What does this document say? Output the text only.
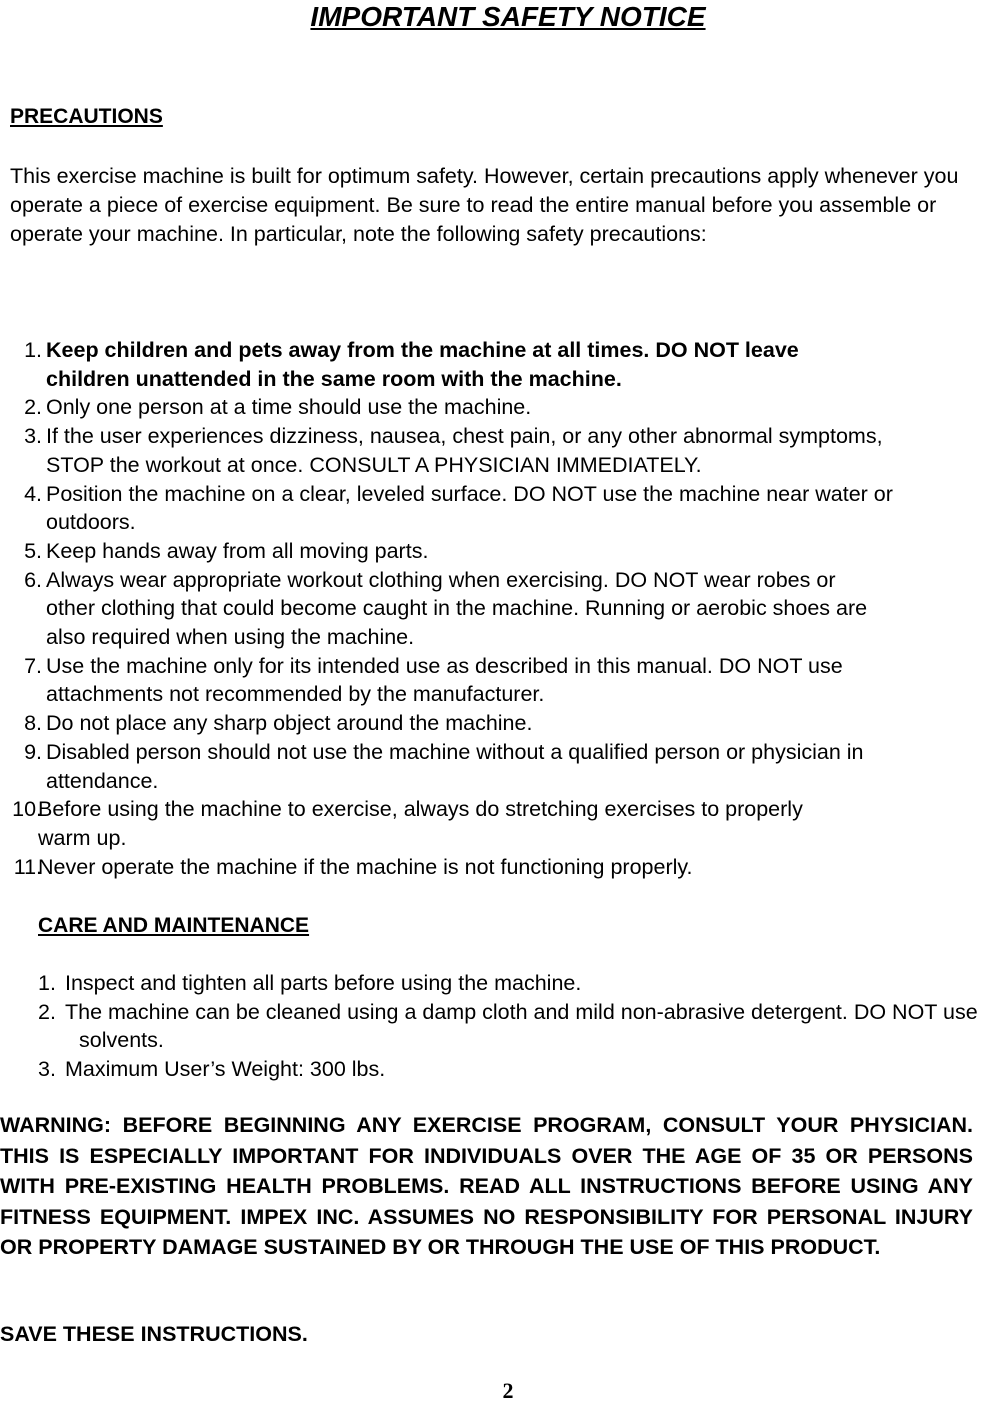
IMPORTANT SAFETY NOTICE
PRECAUTIONS
This exercise machine is built for optimum safety. However, certain precautions apply whenever you operate a piece of exercise equipment. Be sure to read the entire manual before you assemble or operate your machine. In particular, note the following safety precautions:
1. Keep children and pets away from the machine at all times. DO NOT leave children unattended in the same room with the machine.
2. Only one person at a time should use the machine.
3. If the user experiences dizziness, nausea, chest pain, or any other abnormal symptoms, STOP the workout at once. CONSULT A PHYSICIAN IMMEDIATELY.
4. Position the machine on a clear, leveled surface. DO NOT use the machine near water or outdoors.
5. Keep hands away from all moving parts.
6. Always wear appropriate workout clothing when exercising. DO NOT wear robes or other clothing that could become caught in the machine. Running or aerobic shoes are also required when using the machine.
7. Use the machine only for its intended use as described in this manual. DO NOT use attachments not recommended by the manufacturer.
8. Do not place any sharp object around the machine.
9. Disabled person should not use the machine without a qualified person or physician in attendance.
10.
Before using the machine to exercise, always do stretching exercises to properly warm up.
11.
Never operate the machine if the machine is not functioning properly.
CARE AND MAINTENANCE
1. Inspect and tighten all parts before using the machine.
2. The machine can be cleaned using a damp cloth and mild non-abrasive detergent. DO NOT use solvents.
3. Maximum User’s Weight: 300 lbs.
WARNING: BEFORE BEGINNING ANY EXERCISE PROGRAM, CONSULT YOUR PHYSICIAN. THIS IS ESPECIALLY IMPORTANT FOR INDIVIDUALS OVER THE AGE OF 35 OR PERSONS WITH PRE-EXISTING HEALTH PROBLEMS. READ ALL INSTRUCTIONS BEFORE USING ANY FITNESS EQUIPMENT. IMPEX INC. ASSUMES NO RESPONSIBILITY FOR PERSONAL INJURY OR PROPERTY DAMAGE SUSTAINED BY OR THROUGH THE USE OF THIS PRODUCT.
SAVE THESE INSTRUCTIONS.
2
